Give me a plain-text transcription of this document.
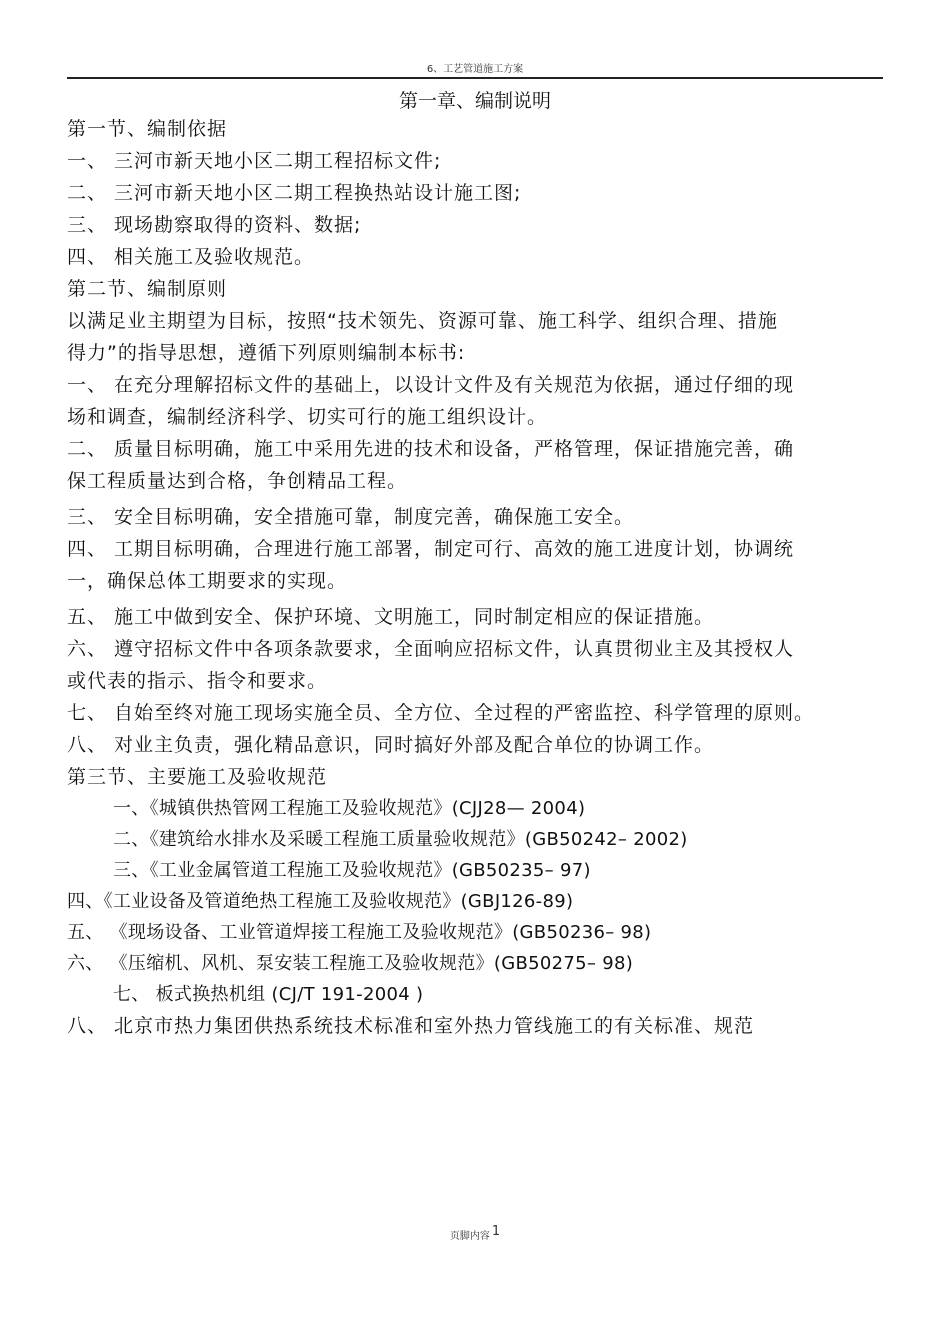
6、工艺管道施工方案
第一章、编制说明
第一节、编制依据
一、 三河市新天地小区二期工程招标文件;
二、 三河市新天地小区二期工程换热站设计施工图;
三、 现场勘察取得的资料、数据;
四、 相关施工及验收规范。
第二节、编制原则
以满足业主期望为目标，按照“技术领先、资源可靠、施工科学、组织合理、措施
得力”的指导思想，遵循下列原则编制本标书:
一、 在充分理解招标文件的基础上，以设计文件及有关规范为依据，通过仔细的现
场和调查，编制经济科学、切实可行的施工组织设计。
二、 质量目标明确，施工中采用先进的技术和设备，严格管理，保证措施完善，确
保工程质量达到合格，争创精品工程。
三、 安全目标明确，安全措施可靠，制度完善，确保施工安全。
四、 工期目标明确，合理进行施工部署，制定可行、高效的施工进度计划，协调统
一，确保总体工期要求的实现。
五、 施工中做到安全、保护环境、文明施工，同时制定相应的保证措施。
六、 遵守招标文件中各项条款要求，全面响应招标文件，认真贯彻业主及其授权人
或代表的指示、指令和要求。
七、 自始至终对施工现场实施全员、全方位、全过程的严密监控、科学管理的原则。
八、 对业主负责，强化精品意识，同时搞好外部及配合单位的协调工作。
第三节、主要施工及验收规范
一、《城镇供热管网工程施工及验收规范》(CJJ28— 2004)
二、《建筑给水排水及采暖工程施工质量验收规范》(GB50242– 2002)
三、《工业金属管道工程施工及验收规范》(GB50235– 97)
四、《工业设备及管道绝热工程施工及验收规范》(GBJ126-89)
五、 《现场设备、工业管道焊接工程施工及验收规范》(GB50236– 98)
六、 《压缩机、风机、泵安装工程施工及验收规范》(GB50275– 98)
七、 板式换热机组 (CJ/T 191-2004 )
八、 北京市热力集团供热系统技术标准和室外热力管线施工的有关标准、规范
页脚内容 1
